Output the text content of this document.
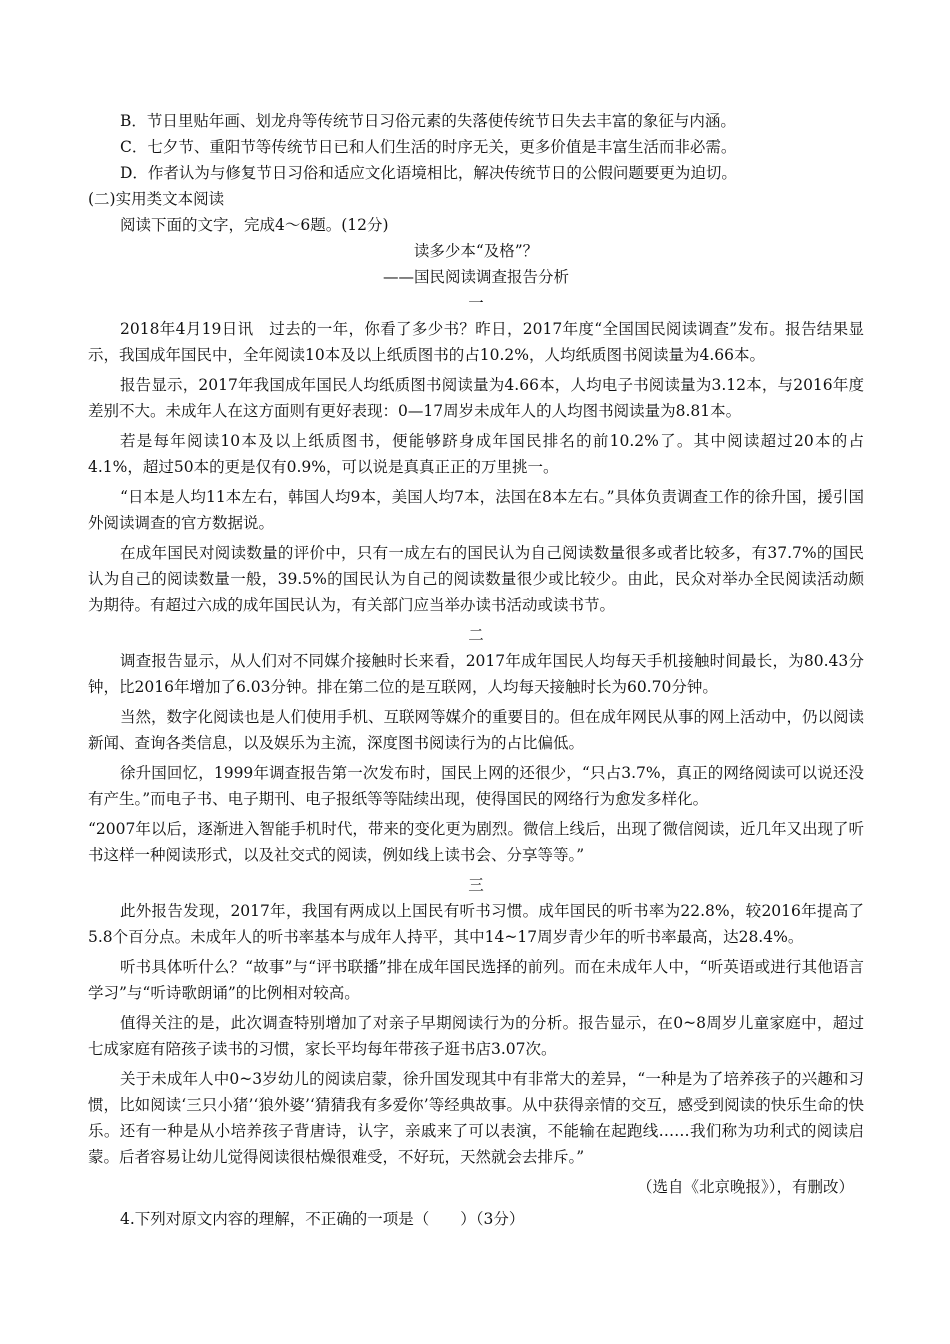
B．节日里贴年画、划龙舟等传统节日习俗元素的失落使传统节日失去丰富的象征与内涵。

C．七夕节、重阳节等传统节日已和人们生活的时序无关，更多价值是丰富生活而非必需。

D．作者认为与修复节日习俗和适应文化语境相比，解决传统节日的公假问题要更为迫切。

(二)实用类文本阅读

阅读下面的文字，完成4～6题。(12分)

读多少本“及格”？

——国民阅读调查报告分析

一

2018年4月19日讯　过去的一年，你看了多少书？昨日，2017年度“全国国民阅读调查”发布。报告结果显示，我国成年国民中，全年阅读10本及以上纸质图书的占10.2%，人均纸质图书阅读量为4.66本。

报告显示，2017年我国成年国民人均纸质图书阅读量为4.66本，人均电子书阅读量为3.12本，与2016年度差别不大。未成年人在这方面则有更好表现：0—17周岁未成年人的人均图书阅读量为8.81本。

若是每年阅读10本及以上纸质图书，便能够跻身成年国民排名的前10.2%了。其中阅读超过20本的占4.1%，超过50本的更是仅有0.9%，可以说是真真正正的万里挑一。

“日本是人均11本左右，韩国人均9本，美国人均7本，法国在8本左右。”具体负责调查工作的徐升国，援引国外阅读调查的官方数据说。

在成年国民对阅读数量的评价中，只有一成左右的国民认为自己阅读数量很多或者比较多，有37.7%的国民认为自己的阅读数量一般，39.5%的国民认为自己的阅读数量很少或比较少。由此，民众对举办全民阅读活动颇为期待。有超过六成的成年国民认为，有关部门应当举办读书活动或读书节。

二

调查报告显示，从人们对不同媒介接触时长来看，2017年成年国民人均每天手机接触时间最长，为80.43分钟，比2016年增加了6.03分钟。排在第二位的是互联网，人均每天接触时长为60.70分钟。

当然，数字化阅读也是人们使用手机、互联网等媒介的重要目的。但在成年网民从事的网上活动中，仍以阅读新闻、查询各类信息，以及娱乐为主流，深度图书阅读行为的占比偏低。

徐升国回忆，1999年调查报告第一次发布时，国民上网的还很少，“只占3.7%，真正的网络阅读可以说还没有产生。”而电子书、电子期刊、电子报纸等等陆续出现，使得国民的网络行为愈发多样化。

“2007年以后，逐渐进入智能手机时代，带来的变化更为剧烈。微信上线后，出现了微信阅读，近几年又出现了听书这样一种阅读形式，以及社交式的阅读，例如线上读书会、分享等等。”

三

此外报告发现，2017年，我国有两成以上国民有听书习惯。成年国民的听书率为22.8%，较2016年提高了5.8个百分点。未成年人的听书率基本与成年人持平，其中14~17周岁青少年的听书率最高，达28.4%。

听书具体听什么？“故事”与“评书联播”排在成年国民选择的前列。而在未成年人中，“听英语或进行其他语言学习”与“听诗歌朗诵”的比例相对较高。

值得关注的是，此次调查特别增加了对亲子早期阅读行为的分析。报告显示，在0~8周岁儿童家庭中，超过七成家庭有陪孩子读书的习惯，家长平均每年带孩子逛书店3.07次。

关于未成年人中0~3岁幼儿的阅读启蒙，徐升国发现其中有非常大的差异，“一种是为了培养孩子的兴趣和习惯，比如阅读‘三只小猪’‘狼外婆’‘猜猜我有多爱你’等经典故事。从中获得亲情的交互，感受到阅读的快乐生命的快乐。还有一种是从小培养孩子背唐诗，认字，亲戚来了可以表演，不能输在起跑线……我们称为功利式的阅读启蒙。后者容易让幼儿觉得阅读很枯燥很难受，不好玩，天然就会去排斥。”

（选自《北京晚报》），有删改）

4.下列对原文内容的理解，不正确的一项是（　　）（3分）
